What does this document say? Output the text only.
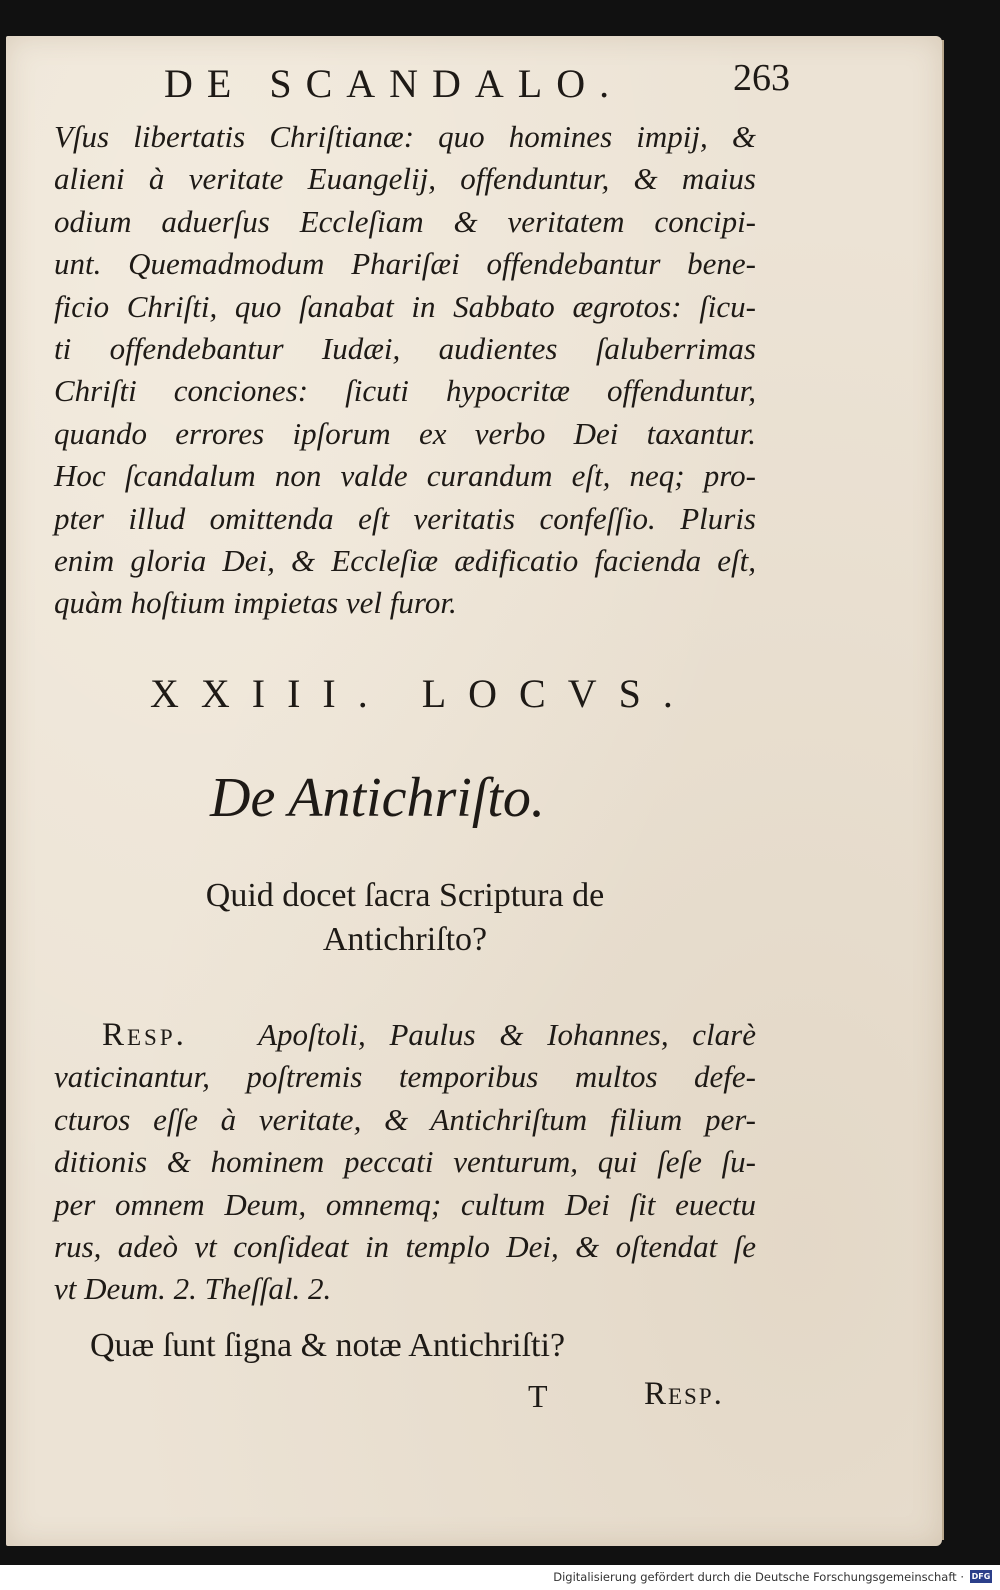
DE SCANDALO.	263

Vſus libertatis Chriſtianæ: quo homines impij, &
alieni à veritate Euangelij, offenduntur, & maius
odium aduerſus Eccleſiam & veritatem concipi-
unt. Quemadmodum Phariſæi offendebantur bene-
ficio Chriſti, quo ſanabat in Sabbato ægrotos: ſicu-
ti offendebantur Iudæi, audientes ſaluberrimas
Chriſti conciones: ſicuti hypocritæ offenduntur,
quando errores ipſorum ex verbo Dei taxantur.
Hoc ſcandalum non valde curandum eſt, neq; pro-
pter illud omittenda eſt veritatis confeſſio. Pluris
enim gloria Dei, & Eccleſiæ ædificatio facienda eſt,
quàm hoſtium impietas vel furor.

XXIII. LOCVS.
De Antichriſto.
Quid docet ſacra Scriptura de
Antichriſto?

Resp. Apoſtoli, Paulus & Iohannes, clarè
vaticinantur, poſtremis temporibus multos defe-
cturos eſſe à veritate, & Antichriſtum filium per-
ditionis & hominem peccati venturum, qui ſeſe ſu-
per omnem Deum, omnemq; cultum Dei ſit euectu
rus, adeò vt conſideat in templo Dei, & oſtendat ſe
vt Deum. 2. Theſſal. 2.

Quæ ſunt ſigna & notæ Antichriſti?
T	Resp.
Digitalisierung gefördert durch die Deutsche Forschungsgemeinschaft · DFG
